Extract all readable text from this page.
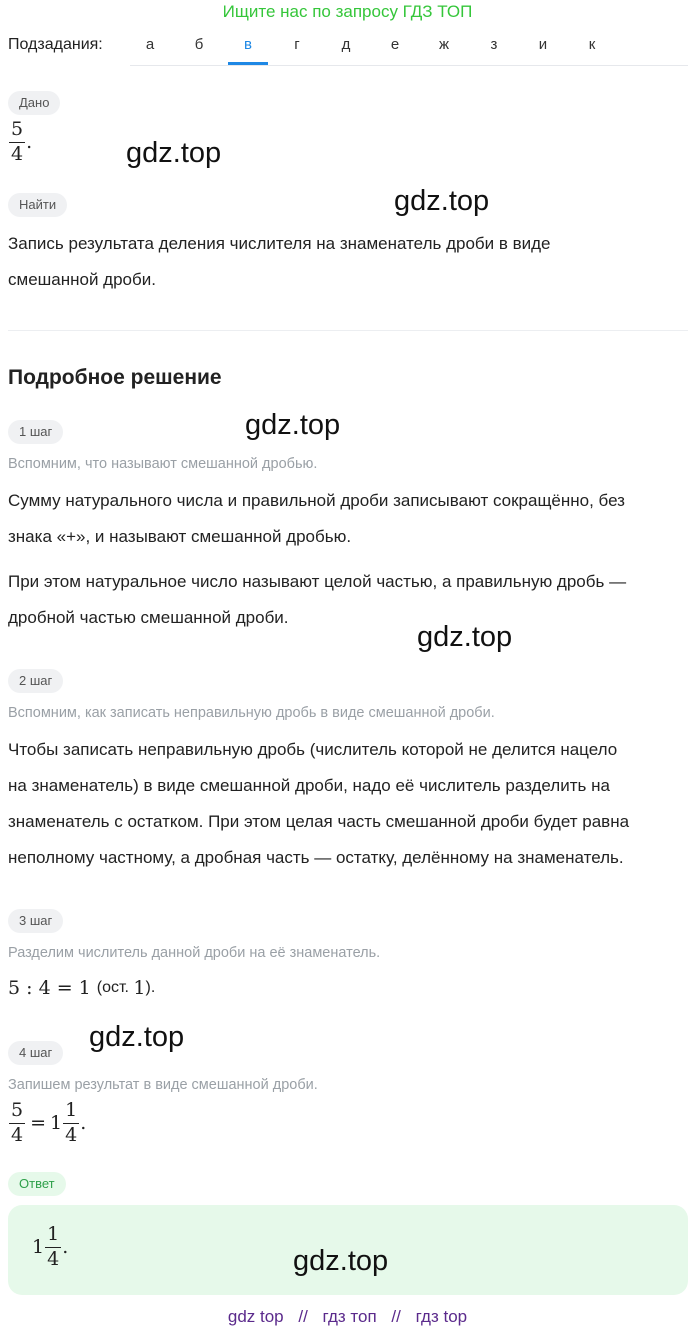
Ищите нас по запросу ГДЗ ТОП
Подзадания:	а	б	в	г	д	е	ж	з	и	к
Дано
$\frac{5}{4}$ .
Найти
Запись результата деления числителя на знаменатель дроби в виде
смешанной дроби.
Подробное решение
1 шаг
Вспомним, что называют смешанной дробью.
Сумму натурального числа и правильной дроби записывают сокращённо, без
знака «+», и называют смешанной дробью.
При этом натуральное число называют целой частью, а правильную дробь —
дробной частью смешанной дроби.
2 шаг
Вспомним, как записать неправильную дробь в виде смешанной дроби.
Чтобы записать неправильную дробь (числитель которой не делится нацело
на знаменатель) в виде смешанной дроби, надо её числитель разделить на
знаменатель с остатком. При этом целая часть смешанной дроби будет равна
неполному частному, а дробная часть — остатку, делённому на знаменатель.
3 шаг
Разделим числитель данной дроби на её знаменатель.
5 : 4 = 1 (ост. 1 ).
4 шаг
Запишем результат в виде смешанной дроби.
$\frac{5}{4} = 1 \frac{1}{4}$ .
Ответ
$1 \frac{1}{4}$ .
gdz.top
gdz.top
gdz.top
gdz.top
gdz.top
gdz.top
gdz top // гдз топ // гдз top
